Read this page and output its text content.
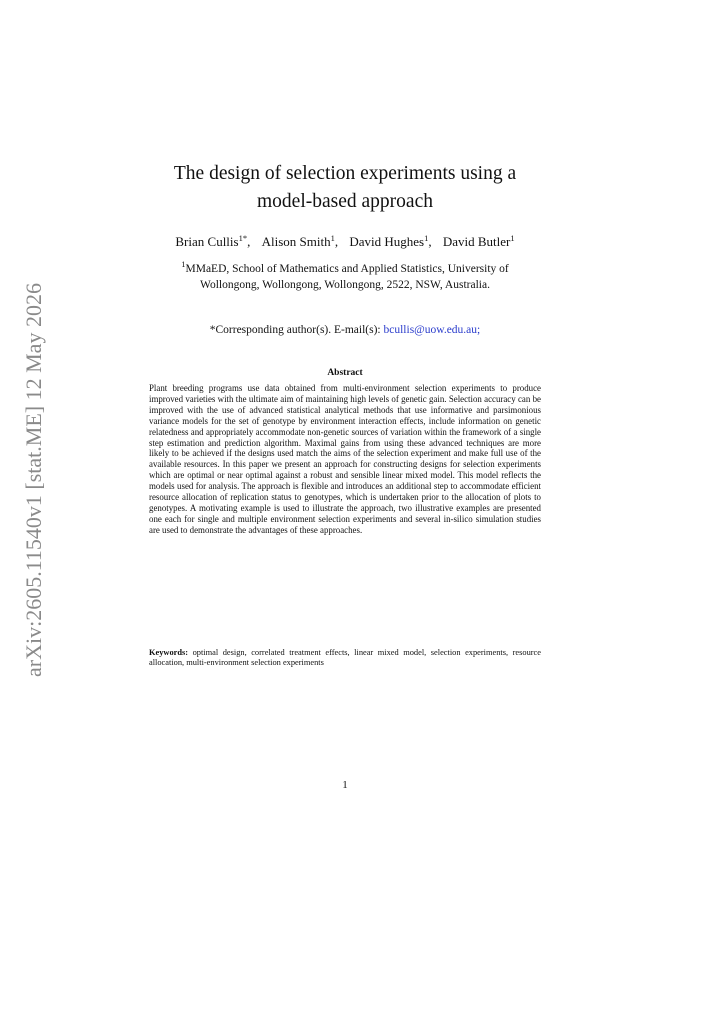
arXiv:2605.11540v1 [stat.ME] 12 May 2026
The design of selection experiments using a
model-based approach
Brian Cullis$^{1*}$, Alison Smith$^1$, David Hughes$^1$, David Butler$^1$
$^1$MMaED, School of Mathematics and Applied Statistics, University of
Wollongong, Wollongong, Wollongong, 2522, NSW, Australia.
*Corresponding author(s). E-mail(s): bcullis@uow.edu.au;
Abstract
Plant breeding programs use data obtained from multi-environment selection experiments to produce improved varieties with the ultimate aim of maintaining high levels of genetic gain. Selection accuracy can be improved with the use of advanced statistical analytical methods that use informative and parsimonious variance models for the set of genotype by environment interaction effects, include information on genetic relatedness and appropriately accommodate non-genetic sources of variation within the framework of a single step estimation and prediction algorithm. Maximal gains from using these advanced techniques are more likely to be achieved if the designs used match the aims of the selection experiment and make full use of the available resources. In this paper we present an approach for constructing designs for selection experiments which are optimal or near optimal against a robust and sensible linear mixed model. This model reflects the models used for analysis. The approach is flexible and introduces an additional step to accommodate efficient resource allocation of replication status to genotypes, which is undertaken prior to the allocation of plots to genotypes. A motivating example is used to illustrate the approach, two illustrative examples are presented one each for single and multiple environment selection experiments and several in-silico simulation studies are used to demonstrate the advantages of these approaches.
Keywords: optimal design, correlated treatment effects, linear mixed model, selection experiments, resource allocation, multi-environment selection experiments
1
